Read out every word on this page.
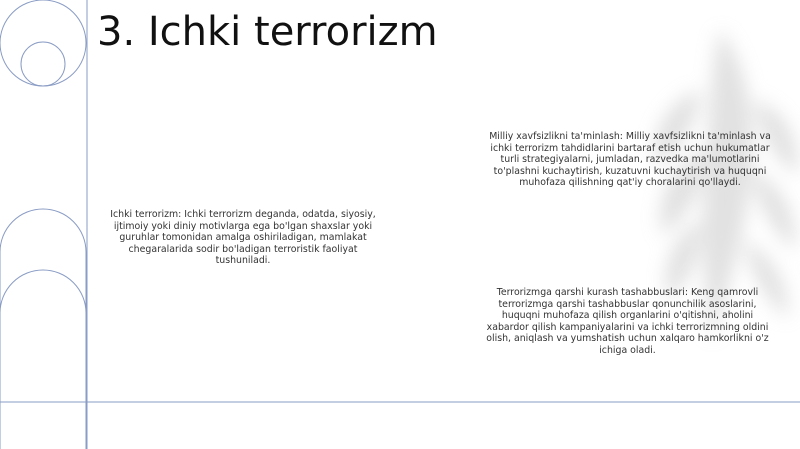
3. Ichki terrorizm

Ichki terrorizm: Ichki terrorizm deganda, odatda, siyosiy, ijtimoiy yoki diniy motivlarga ega bo'lgan shaxslar yoki guruhlar tomonidan amalga oshiriladigan, mamlakat chegaralarida sodir bo'ladigan terroristik faoliyat tushuniladi.

Milliy xavfsizlikni ta'minlash: Milliy xavfsizlikni ta'minlash va ichki terrorizm tahdidlarini bartaraf etish uchun hukumatlar turli strategiyalarni, jumladan, razvedka ma'lumotlarini to'plashni kuchaytirish, kuzatuvni kuchaytirish va huquqni muhofaza qilishning qat'iy choralarini qo'llaydi.

Terrorizmga qarshi kurash tashabbuslari: Keng qamrovli terrorizmga qarshi tashabbuslar qonunchilik asoslarini, huquqni muhofaza qilish organlarini o'qitishni, aholini xabardor qilish kampaniyalarini va ichki terrorizmning oldini olish, aniqlash va yumshatish uchun xalqaro hamkorlikni o'z ichiga oladi.
